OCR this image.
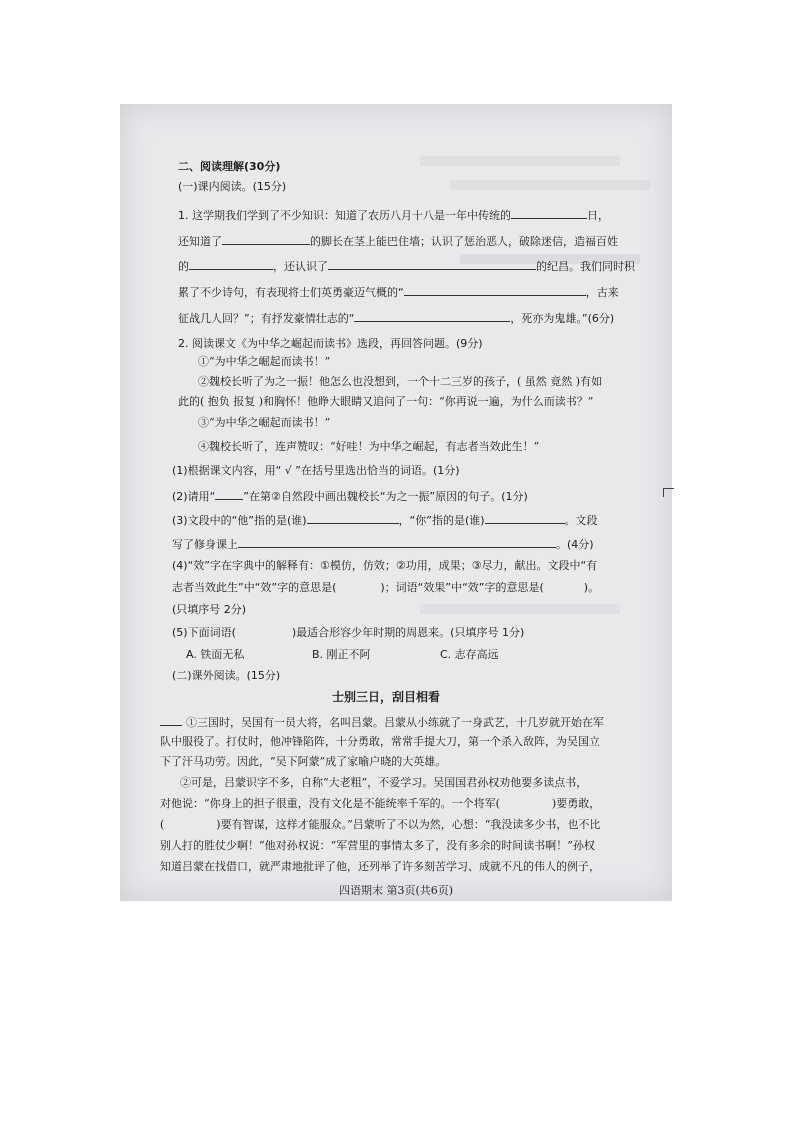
二、阅读理解(30分)
(一)课内阅读。(15分)
1. 这学期我们学到了不少知识：知道了农历八月十八是一年中传统的	日，
还知道了	的脚长在茎上能巴住墙；认识了惩治恶人，破除迷信，造福百姓
的	，还认识了	的纪昌。我们同时积
累了不少诗句，有表现将士们英勇豪迈气概的“	，古来
征战几人回？”；有抒发豪情壮志的“	，死亦为鬼雄。”(6分)
2. 阅读课文《为中华之崛起而读书》选段，再回答问题。(9分)
①“为中华之崛起而读书！”
②魏校长听了为之一振！他怎么也没想到，一个十二三岁的孩子，( 虽然 竟然 )有如
此的( 抱负 报复 )和胸怀！他睁大眼睛又追问了一句：“你再说一遍，为什么而读书？”
③“为中华之崛起而读书！”
④魏校长听了，连声赞叹：“好哇！为中华之崛起，有志者当效此生！”
(1)根据课文内容，用“ √ ”在括号里选出恰当的词语。(1分)
(2)请用“	”在第②自然段中画出魏校长“为之一振”原因的句子。(1分)
(3)文段中的“他”指的是(谁)	，“你”指的是(谁)	。文段
写了修身课上	。(4分)
(4)“效”字在字典中的解释有：①模仿，仿效；②功用，成果；③尽力，献出。文段中“有
志者当效此生”中“效”字的意思是(	)；词语“效果”中“效”字的意思是(	)。
(只填序号 2分)
(5)下面词语(	)最适合形容少年时期的周恩来。(只填序号 1分)
A. 铁面无私	B. 刚正不阿	C. 志存高远
(二)课外阅读。(15分)
士别三日，刮目相看
①三国时，吴国有一员大将，名叫吕蒙。吕蒙从小练就了一身武艺，十几岁就开始在军
队中服役了。打仗时，他冲锋陷阵，十分勇敢，常常手提大刀，第一个杀入敌阵，为吴国立
下了汗马功劳。因此，“吴下阿蒙”成了家喻户晓的大英雄。
②可是，吕蒙识字不多，自称“大老粗”，不爱学习。吴国国君孙权劝他要多读点书，
对他说：“你身上的担子很重，没有文化是不能统率千军的。一个将军(	)要勇敢，
(	)要有智谋，这样才能服众。”吕蒙听了不以为然，心想：“我没读多少书，也不比
别人打的胜仗少啊！”他对孙权说：“军营里的事情太多了，没有多余的时间读书啊！”孙权
知道吕蒙在找借口，就严肃地批评了他，还列举了许多刻苦学习、成就不凡的伟人的例子，
四语期末 第3页(共6页)
